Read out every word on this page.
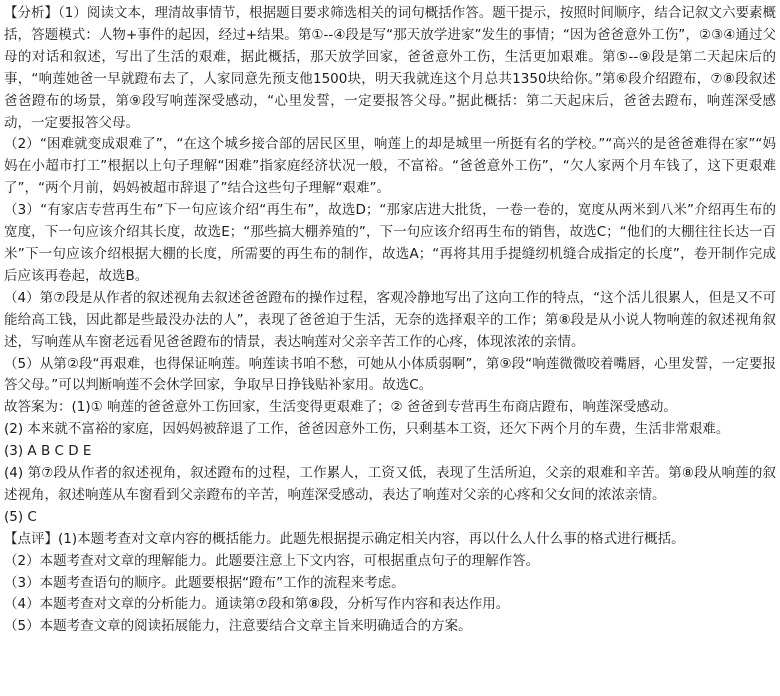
【分析】（1）阅读文本，理清故事情节，根据题目要求筛选相关的词句概括作答。题干提示，按照时间顺序，结合记叙文六要素概括，答题模式：人物+事件的起因，经过+结果。第①--④段是写“那天放学进家”发生的事情；“因为爸爸意外工伤”，②③④通过父母的对话和叙述，写出了生活的艰难，据此概括，那天放学回家，爸爸意外工伤，生活更加艰难。第⑤--⑨段是第二天起床后的事，“响莲她爸一早就蹬布去了，人家同意先预支他1500块，明天我就连这个月总共1350块给你。”第⑥段介绍蹬布，⑦⑧段叙述爸爸蹬布的场景，第⑨段写响莲深受感动，“心里发誓，一定要报答父母。”据此概括：第二天起床后，爸爸去蹬布，响莲深受感动，一定要报答父母。

（2）“困难就变成艰难了”，“在这个城乡接合部的居民区里，响莲上的却是城里一所挺有名的学校。”“高兴的是爸爸难得在家”“妈妈在小超市打工”根据以上句子理解“困难”指家庭经济状况一般，不富裕。“爸爸意外工伤”，“欠人家两个月车钱了，这下更艰难了”，“两个月前，妈妈被超市辞退了”结合这些句子理解“艰难”。

（3）“有家店专营再生布”下一句应该介绍“再生布”，故选D；“那家店进大批货，一卷一卷的，宽度从两米到八米”介绍再生布的宽度，下一句应该介绍其长度，故选E；“那些搞大棚养殖的”，下一句应该介绍再生布的销售，故选C；“他们的大棚往往长达一百米”下一句应该介绍根据大棚的长度，所需要的再生布的制作，故选A；“再将其用手提缝纫机缝合成指定的长度”，卷开制作完成后应该再卷起，故选B。

（4）第⑦段是从作者的叙述视角去叙述爸爸蹬布的操作过程，客观冷静地写出了这向工作的特点，“这个活儿很累人，但是又不可能给高工钱，因此都是些最没办法的人”，表现了爸爸迫于生活，无奈的选择艰辛的工作；第⑧段是从小说人物响莲的叙述视角叙述，写响莲从车窗老远看见爸爸蹬布的情景，表达响莲对父亲辛苦工作的心疼，体现浓浓的亲情。

（5）从第②段“再艰难，也得保证响莲。响莲读书咱不愁，可她从小体质弱啊”，第⑨段“响莲微微咬着嘴唇，心里发誓，一定要报答父母。”可以判断响莲不会休学回家，争取早日挣钱贴补家用。故选C。

故答案为：(1)① 响莲的爸爸意外工伤回家，生活变得更艰难了；② 爸爸到专营再生布商店蹬布，响莲深受感动。

(2) 本来就不富裕的家庭，因妈妈被辞退了工作，爸爸因意外工伤，只剩基本工资，还欠下两个月的车费，生活非常艰难。

(3) A B C D E

(4) 第⑦段从作者的叙述视角，叙述蹬布的过程，工作累人，工资又低，表现了生活所迫，父亲的艰难和辛苦。第⑧段从响莲的叙述视角，叙述响莲从车窗看到父亲蹬布的辛苦，响莲深受感动，表达了响莲对父亲的心疼和父女间的浓浓亲情。

(5) C

【点评】(1)本题考查对文章内容的概括能力。此题先根据提示确定相关内容，再以什么人什么事的格式进行概括。

（2）本题考查对文章的理解能力。此题要注意上下文内容，可根据重点句子的理解作答。

（3）本题考查语句的顺序。此题要根据“蹬布”工作的流程来考虑。

（4）本题考查对文章的分析能力。通读第⑦段和第⑧段，分析写作内容和表达作用。

（5）本题考查文章的阅读拓展能力，注意要结合文章主旨来明确适合的方案。
